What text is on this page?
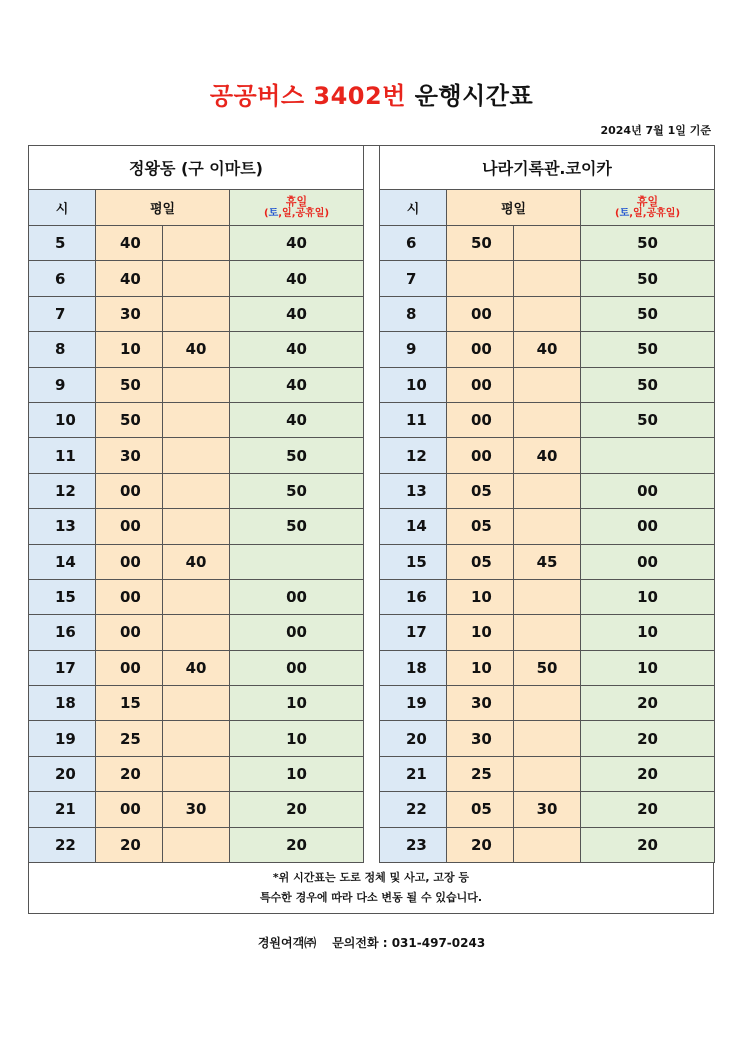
공공버스 3402번 운행시간표
2024년 7월 1일 기준
정왕동 (구 이마트)			
시	평일		휴일
(토,일,공휴일)

5	40		40
6	40		40
7	30		40
8	10	40	40
9	50		40
10	50		40
11	30		50
12	00		50
13	00		50
14	00	40	
15	00		00
16	00		00
17	00	40	00
18	15		10
19	25		10
20	20		10
21	00	30	20
22	20		20
나라기록관.코이카			
시	평일		휴일
(토,일,공휴일)

6	50		50
7			50
8	00		50
9	00	40	50
10	00		50
11	00		50
12	00	40	
13	05		00
14	05		00
15	05	45	00
16	10		10
17	10		10
18	10	50	10
19	30		20
20	30		20
21	25		20
22	05	30	20
23	20		20
*위 시간표는 도로 정체 및 사고, 고장 등
특수한 경우에 따라 다소 변동 될 수 있습니다.
경원여객㈜ 문의전화 : 031-497-0243
